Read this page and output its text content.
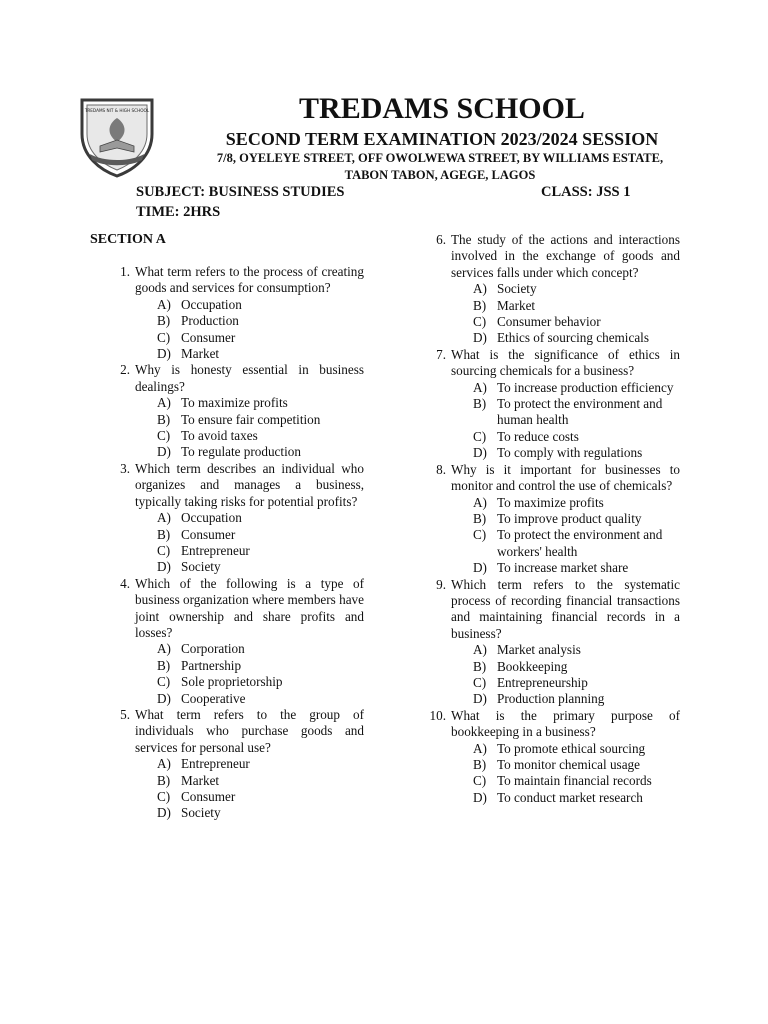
TREDAMS NIT & HIGH SCHOOL	TREDAMS SCHOOL
SECOND TERM EXAMINATION 2023/2024 SESSION
7/8, OYELEYE STREET, OFF OWOLWEWA STREET, BY WILLIAMS ESTATE,
TABON TABON, AGEGE, LAGOS
SUBJECT: BUSINESS STUDIES	CLASS: JSS 1
TIME: 2HRS
SECTION A
1. What term refers to the process of creating goods and services for consumption?
A) Occupation
B) Production
C) Consumer
D) Market
2. Why is honesty essential in business dealings?
A) To maximize profits
B) To ensure fair competition
C) To avoid taxes
D) To regulate production
3. Which term describes an individual who organizes and manages a business, typically taking risks for potential profits?
A) Occupation
B) Consumer
C) Entrepreneur
D) Society
4. Which of the following is a type of business organization where members have joint ownership and share profits and losses?
A) Corporation
B) Partnership
C) Sole proprietorship
D) Cooperative
5. What term refers to the group of individuals who purchase goods and services for personal use?
A) Entrepreneur
B) Market
C) Consumer
D) Society
6. The study of the actions and interactions involved in the exchange of goods and services falls under which concept?
A) Society
B) Market
C) Consumer behavior
D) Ethics of sourcing chemicals
7. What is the significance of ethics in sourcing chemicals for a business?
A) To increase production efficiency
B) To protect the environment and human health
C) To reduce costs
D) To comply with regulations
8. Why is it important for businesses to monitor and control the use of chemicals?
A) To maximize profits
B) To improve product quality
C) To protect the environment and workers' health
D) To increase market share
9. Which term refers to the systematic process of recording financial transactions and maintaining financial records in a business?
A) Market analysis
B) Bookkeeping
C) Entrepreneurship
D) Production planning
10. What is the primary purpose of bookkeeping in a business?
A) To promote ethical sourcing
B) To monitor chemical usage
C) To maintain financial records
D) To conduct market research
